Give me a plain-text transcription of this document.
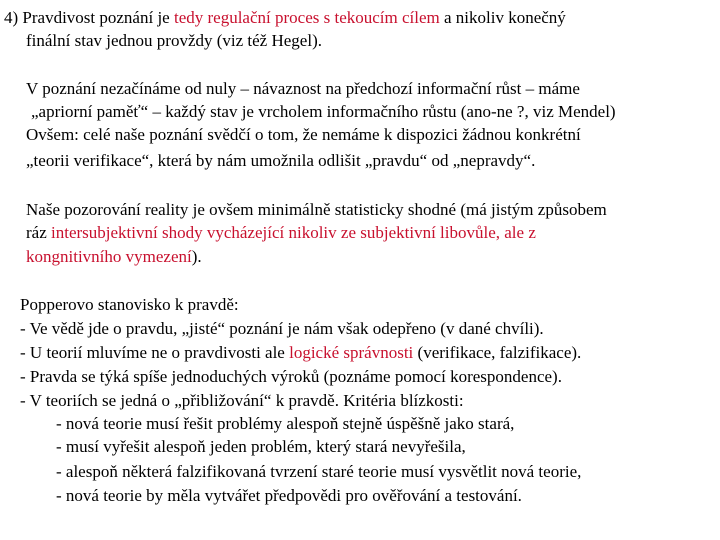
4) Pravdivost poznání je tedy regulační proces s tekoucím cílem a nikoliv konečný
finální stav jednou provždy (viz též Hegel).
V poznání nezačínáme od nuly – návaznost na předchozí informační růst – máme
„apriorní paměť“ – každý stav je vrcholem informačního růstu (ano-ne ?, viz Mendel)
Ovšem: celé naše poznání svědčí o tom, že nemáme k dispozici žádnou konkrétní
„teorii verifikace“, která by nám umožnila odlišit „pravdu“ od „nepravdy“.
Naše pozorování reality je ovšem minimálně statisticky shodné (má jistým způsobem
ráz intersubjektivní shody vycházející nikoliv ze subjektivní libovůle, ale z
kongnitivního vymezení).
Popperovo stanovisko k pravdě:
- Ve vědě jde o pravdu, „jisté“ poznání je nám však odepřeno (v dané chvíli).
- U teorií mluvíme ne o pravdivosti ale logické správnosti (verifikace, falzifikace).
- Pravda se týká spíše jednoduchých výroků (poznáme pomocí korespondence).
- V teoriích se jedná o „přibližování“ k pravdě. Kritéria blízkosti:
- nová teorie musí řešit problémy alespoň stejně úspěšně jako stará,
- musí vyřešit alespoň jeden problém, který stará nevyřešila,
- alespoň některá falzifikovaná tvrzení staré teorie musí vysvětlit nová teorie,
- nová teorie by měla vytvářet předpovědi pro ověřování a testování.
